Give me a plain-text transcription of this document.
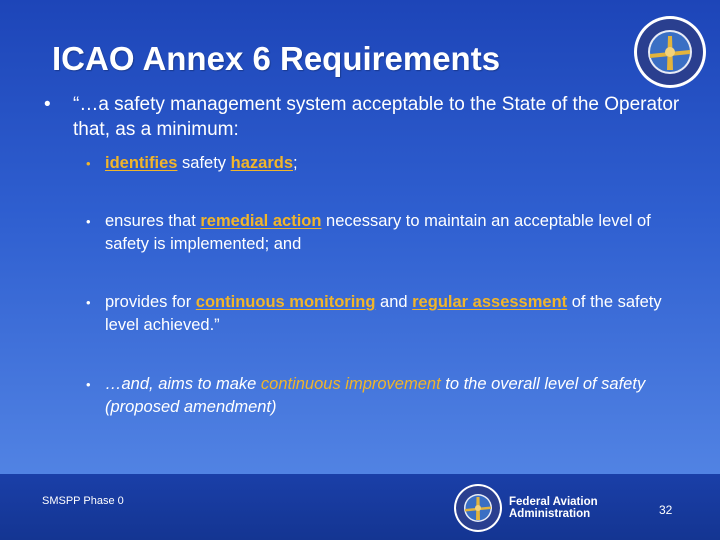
ICAO Annex 6 Requirements
• “…a safety management system acceptable to the State of the Operator that, as a minimum:
• identifies safety hazards;
• ensures that remedial action necessary to maintain an acceptable level of safety is implemented; and
• provides for continuous monitoring and regular assessment of the safety level achieved.”
• …and, aims to make continuous improvement to the overall level of safety (proposed amendment)
SMSPP Phase 0	Federal Aviation
Administration	32
